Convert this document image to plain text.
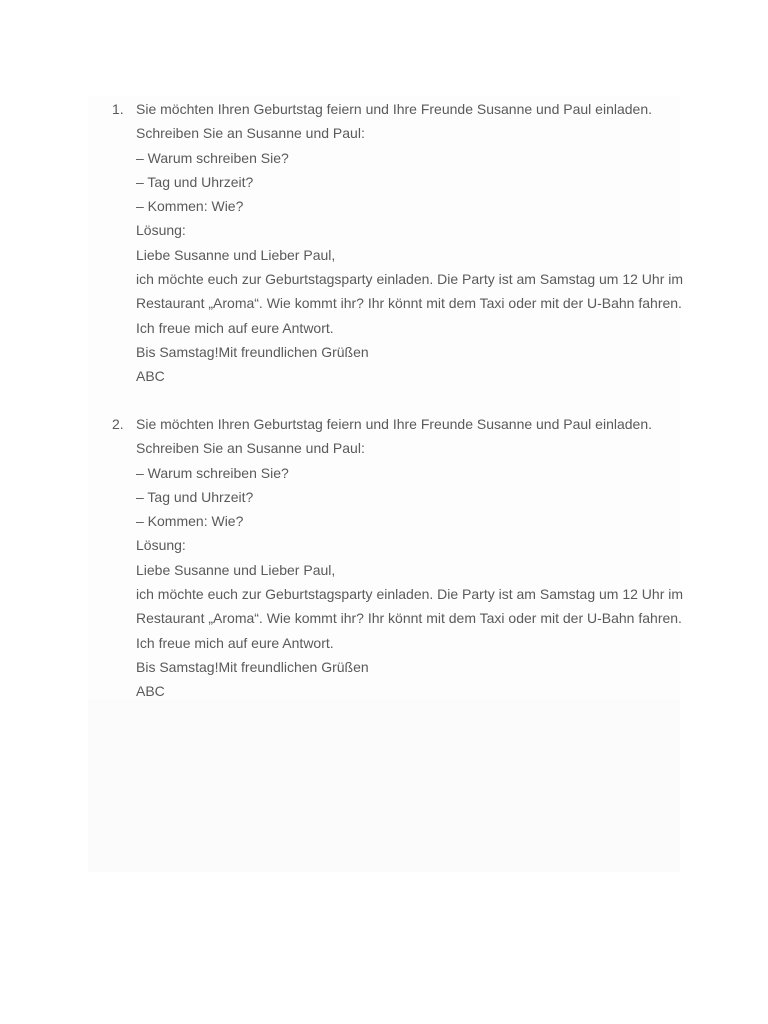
1. Sie möchten Ihren Geburtstag feiern und Ihre Freunde Susanne und Paul einladen.
Schreiben Sie an Susanne und Paul:
– Warum schreiben Sie?
– Tag und Uhrzeit?
– Kommen: Wie?
Lösung:
Liebe Susanne und Lieber Paul,
ich möchte euch zur Geburtstagsparty einladen. Die Party ist am Samstag um 12 Uhr im
Restaurant „Aroma“. Wie kommt ihr? Ihr könnt mit dem Taxi oder mit der U-Bahn fahren.
Ich freue mich auf eure Antwort.
Bis Samstag!Mit freundlichen Grüßen
ABC
2. Sie möchten Ihren Geburtstag feiern und Ihre Freunde Susanne und Paul einladen.
Schreiben Sie an Susanne und Paul:
– Warum schreiben Sie?
– Tag und Uhrzeit?
– Kommen: Wie?
Lösung:
Liebe Susanne und Lieber Paul,
ich möchte euch zur Geburtstagsparty einladen. Die Party ist am Samstag um 12 Uhr im
Restaurant „Aroma“. Wie kommt ihr? Ihr könnt mit dem Taxi oder mit der U-Bahn fahren.
Ich freue mich auf eure Antwort.
Bis Samstag!Mit freundlichen Grüßen
ABC
